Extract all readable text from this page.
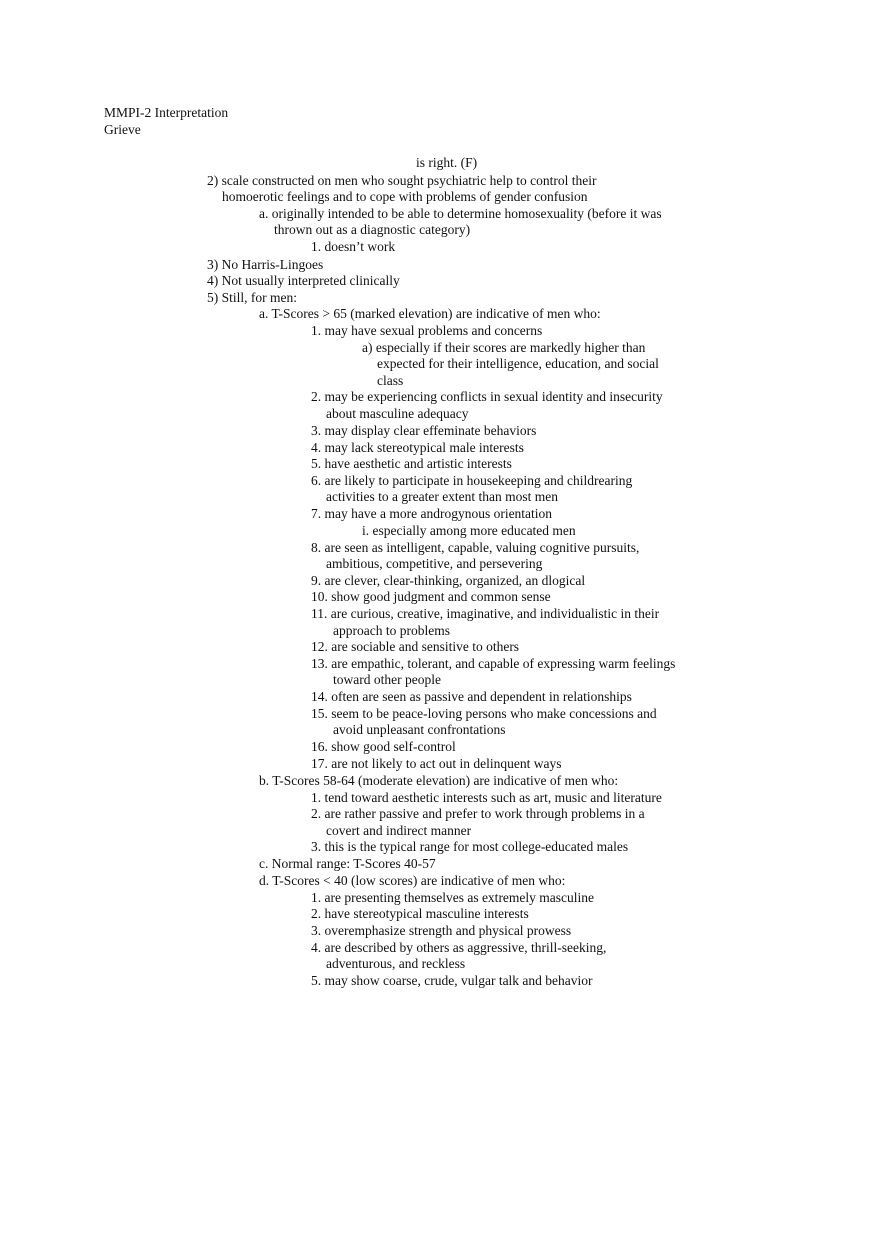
MMPI-2 Interpretation
Grieve
is right. (F)
2) scale constructed on men who sought psychiatric help to control their
homoerotic feelings and to cope with problems of gender confusion
a. originally intended to be able to determine homosexuality (before it was
thrown out as a diagnostic category)
1. doesn’t work
3) No Harris-Lingoes
4) Not usually interpreted clinically
5) Still, for men:
a. T-Scores > 65 (marked elevation) are indicative of men who:
1. may have sexual problems and concerns
a) especially if their scores are markedly higher than
expected for their intelligence, education, and social
class
2. may be experiencing conflicts in sexual identity and insecurity
about masculine adequacy
3. may display clear effeminate behaviors
4. may lack stereotypical male interests
5. have aesthetic and artistic interests
6. are likely to participate in housekeeping and childrearing
activities to a greater extent than most men
7. may have a more androgynous orientation
i. especially among more educated men
8. are seen as intelligent, capable, valuing cognitive pursuits,
ambitious, competitive, and persevering
9. are clever, clear-thinking, organized, an dlogical
10. show good judgment and common sense
11. are curious, creative, imaginative, and individualistic in their
approach to problems
12. are sociable and sensitive to others
13. are empathic, tolerant, and capable of expressing warm feelings
toward other people
14. often are seen as passive and dependent in relationships
15. seem to be peace-loving persons who make concessions and
avoid unpleasant confrontations
16. show good self-control
17. are not likely to act out in delinquent ways
b. T-Scores 58-64 (moderate elevation) are indicative of men who:
1. tend toward aesthetic interests such as art, music and literature
2. are rather passive and prefer to work through problems in a
covert and indirect manner
3. this is the typical range for most college-educated males
c. Normal range: T-Scores 40-57
d. T-Scores < 40 (low scores) are indicative of men who:
1. are presenting themselves as extremely masculine
2. have stereotypical masculine interests
3. overemphasize strength and physical prowess
4. are described by others as aggressive, thrill-seeking,
adventurous, and reckless
5. may show coarse, crude, vulgar talk and behavior
